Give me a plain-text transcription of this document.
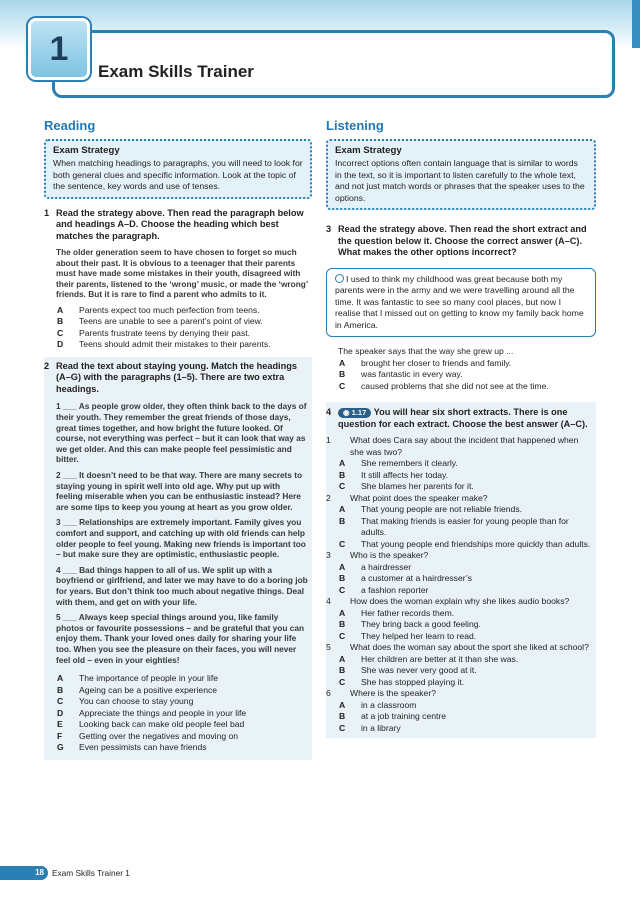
1
Exam Skills Trainer
Reading
Exam Strategy
When matching headings to paragraphs, you will need to look for both general clues and specific information. Look at the topic of the sentence, key words and use of tenses.
1 Read the strategy above. Then read the paragraph below and headings A–D. Choose the heading which best matches the paragraph.
The older generation seem to have chosen to forget so much about their past. It is obvious to a teenager that their parents must have made some mistakes in their youth, disagreed with their parents, listened to the ‘wrong’ music, or made the ‘wrong’ friends. But it is rare to find a parent who admits to it.
A Parents expect too much perfection from teens.
B Teens are unable to see a parent’s point of view.
C Parents frustrate teens by denying their past.
D Teens should admit their mistakes to their parents.
2 Read the text about staying young. Match the headings (A–G) with the paragraphs (1–5). There are two extra headings.
1 ___ As people grow older, they often think back to the days of their youth. They remember the great friends of those days, great times together, and how bright the future looked. Of course, not everything was perfect – but it can look that way as we get older. And this can make people feel pessimistic and bitter.
2 ___ It doesn’t need to be that way. There are many secrets to staying young in spirit well into old age. Why put up with feeling miserable when you can be enthusiastic instead? Here are some tips to keep you young at heart as you grow older.
3 ___ Relationships are extremely important. Family gives you comfort and support, and catching up with old friends can help older people to feel young. Making new friends is important too – but make sure they are optimistic, enthusiastic people.
4 ___ Bad things happen to all of us. We split up with a boyfriend or girlfriend, and later we may have to do a boring job for years. But don’t think too much about negative things. Deal with them, and get on with your life.
5 ___ Always keep special things around you, like family photos or favourite possessions – and be grateful that you can enjoy them. Thank your loved ones daily for sharing your life too. When you see the pleasure on their faces, you will never feel old – even in your eighties!
A The importance of people in your life
B Ageing can be a positive experience
C You can choose to stay young
D Appreciate the things and people in your life
E Looking back can make old people feel bad
F Getting over the negatives and moving on
G Even pessimists can have friends
Listening
Exam Strategy
Incorrect options often contain language that is similar to words in the text, so it is important to listen carefully to the whole text, and not just match words or phrases that the speaker uses to the options.
3 Read the strategy above. Then read the short extract and the question below it. Choose the correct answer (A–C). What makes the other options incorrect?
I used to think my childhood was great because both my parents were in the army and we were travelling around all the time. It was fantastic to see so many cool places, but now I realise that I missed out on getting to know my family back home in America.
The speaker says that the way she grew up ...
A brought her closer to friends and family.
B was fantastic in every way.
C caused problems that she did not see at the time.
4	◉ 1.17 You will hear six short extracts. There is one question for each extract. Choose the best answer (A–C).
1 What does Cara say about the incident that happened when she was two?
A She remembers it clearly.
B It still affects her today.
C She blames her parents for it.
2 What point does the speaker make?
A That young people are not reliable friends.
B That making friends is easier for young people than for adults.
C That young people end friendships more quickly than adults.
3 Who is the speaker?
A a hairdresser
B a customer at a hairdresser’s
C a fashion reporter
4 How does the woman explain why she likes audio books?
A Her father records them.
B They bring back a good feeling.
C They helped her learn to read.
5 What does the woman say about the sport she liked at school?
A Her children are better at it than she was.
B She was never very good at it.
C She has stopped playing it.
6 Where is the speaker?
A in a classroom
B at a job training centre
C in a library
18 Exam Skills Trainer 1
